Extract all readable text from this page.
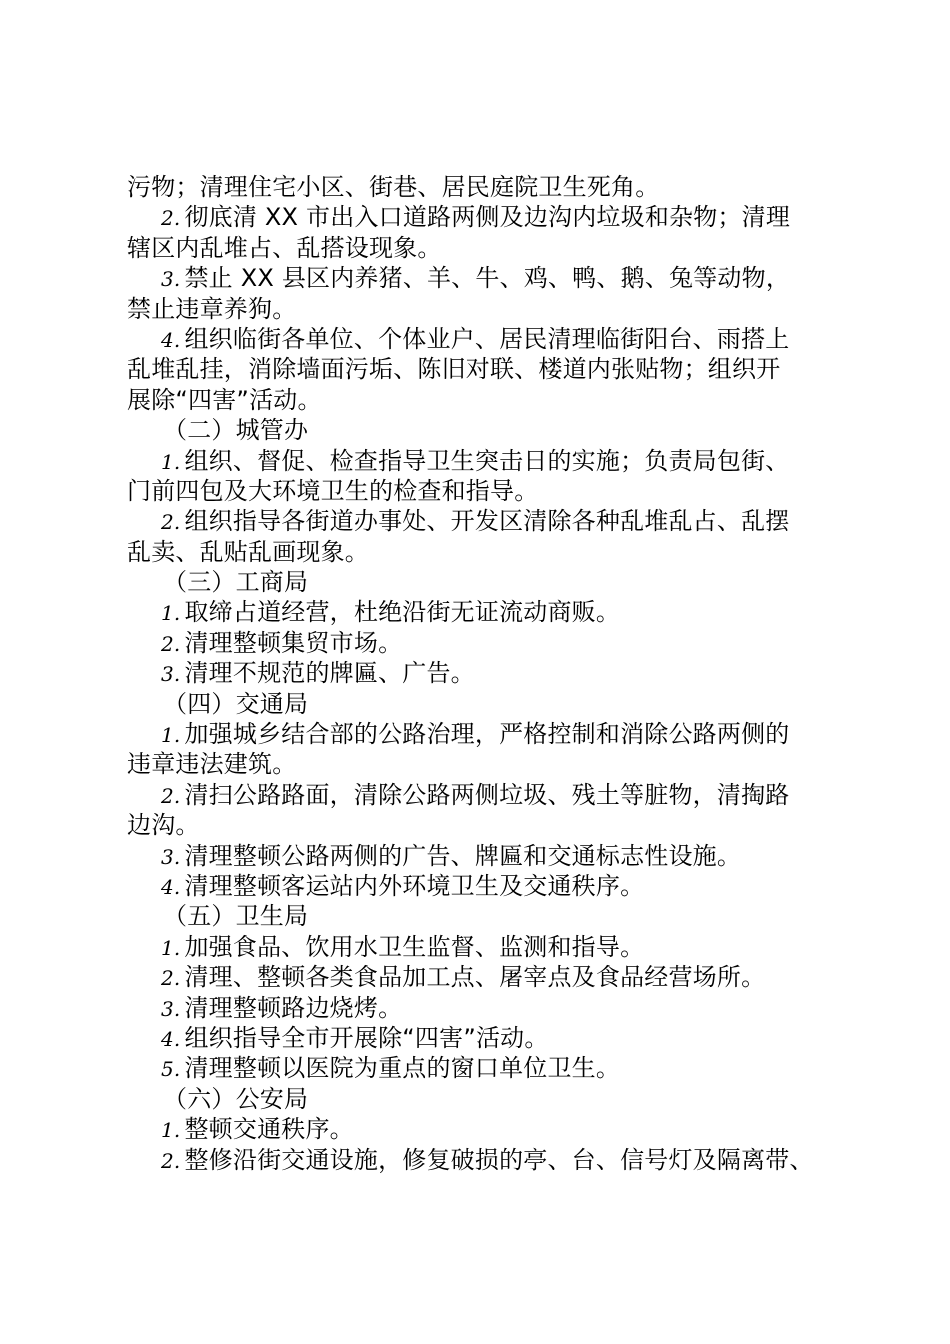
污物；清理住宅小区、街巷、居民庭院卫生死角。
2. 彻底清 XX 市出入口道路两侧及边沟内垃圾和杂物；清理
辖区内乱堆占、乱搭设现象。
3. 禁止 XX 县区内养猪、羊、牛、鸡、鸭、鹅、兔等动物，
禁止违章养狗。
4. 组织临街各单位、个体业户、居民清理临街阳台、雨搭上
乱堆乱挂，消除墙面污垢、陈旧对联、楼道内张贴物；组织开
展除“四害”活动。
（二）城管办
1. 组织、督促、检查指导卫生突击日的实施；负责局包街、
门前四包及大环境卫生的检查和指导。
2. 组织指导各街道办事处、开发区清除各种乱堆乱占、乱摆
乱卖、乱贴乱画现象。
（三）工商局
1. 取缔占道经营，杜绝沿街无证流动商贩。
2. 清理整顿集贸市场。
3. 清理不规范的牌匾、广告。
（四）交通局
1. 加强城乡结合部的公路治理，严格控制和消除公路两侧的
违章违法建筑。
2. 清扫公路路面，清除公路两侧垃圾、残土等脏物，清掏路
边沟。
3. 清理整顿公路两侧的广告、牌匾和交通标志性设施。
4. 清理整顿客运站内外环境卫生及交通秩序。
（五）卫生局
1. 加强食品、饮用水卫生监督、监测和指导。
2. 清理、整顿各类食品加工点、屠宰点及食品经营场所。
3. 清理整顿路边烧烤。
4. 组织指导全市开展除“四害”活动。
5. 清理整顿以医院为重点的窗口单位卫生。
（六）公安局
1. 整顿交通秩序。
2. 整修沿街交通设施，修复破损的亭、台、信号灯及隔离带、
